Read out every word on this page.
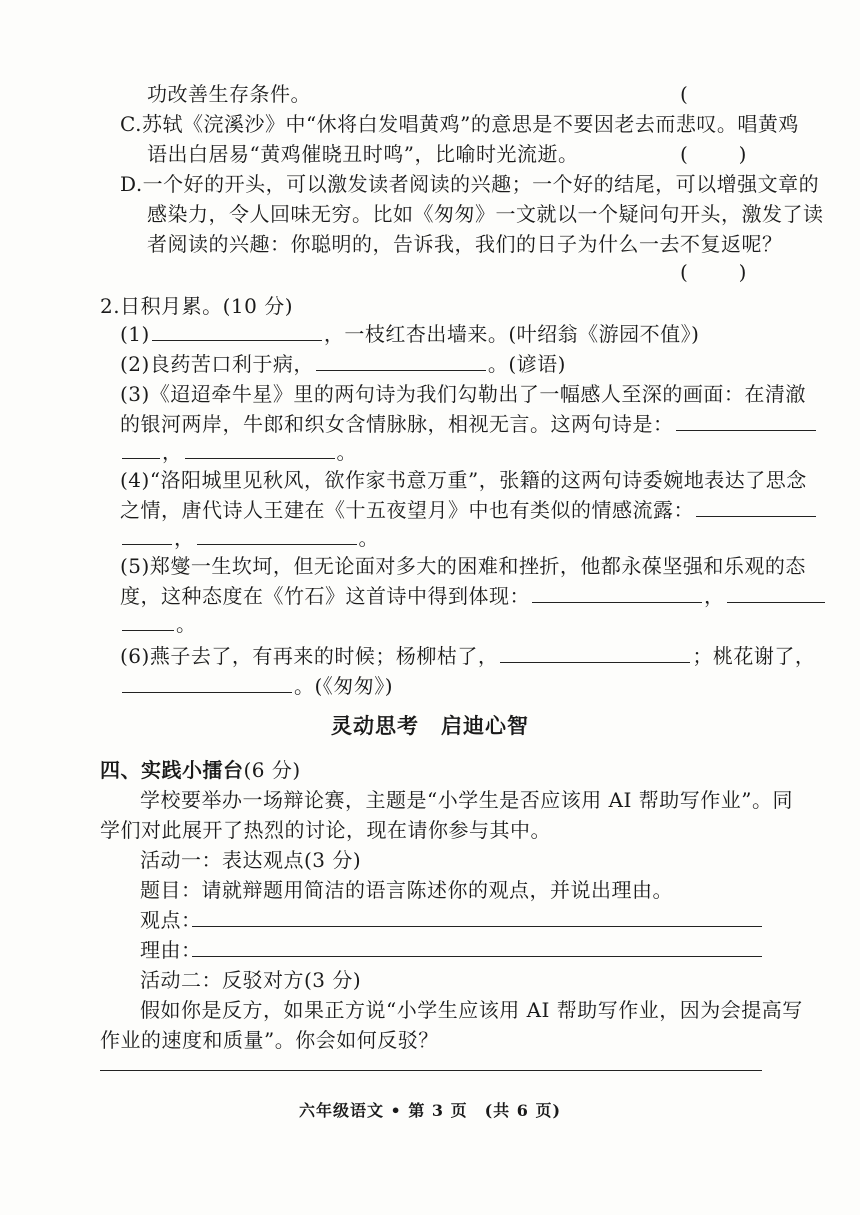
功改善生存条件。	(
C.苏轼《浣溪沙》中“休将白发唱黄鸡”的意思是不要因老去而悲叹。唱黄鸡
语出白居易“黄鸡催晓丑时鸣”，比喻时光流逝。	(        )
D.一个好的开头，可以激发读者阅读的兴趣；一个好的结尾，可以增强文章的
感染力，令人回味无穷。比如《匆匆》一文就以一个疑问句开头，激发了读
者阅读的兴趣：你聪明的，告诉我，我们的日子为什么一去不复返呢？
(        )
2.日积月累。(10 分)
(1)	，一枝红杏出墙来。(叶绍翁《游园不值》)
(2)良药苦口利于病，	。(谚语)
(3)《迢迢牵牛星》里的两句诗为我们勾勒出了一幅感人至深的画面：在清澈
的银河两岸，牛郎和织女含情脉脉，相视无言。这两句诗是：
，	。
(4)“洛阳城里见秋风，欲作家书意万重”，张籍的这两句诗委婉地表达了思念
之情，唐代诗人王建在《十五夜望月》中也有类似的情感流露：
，	。
(5)郑燮一生坎坷，但无论面对多大的困难和挫折，他都永葆坚强和乐观的态
度，这种态度在《竹石》这首诗中得到体现：	，
。
(6)燕子去了，有再来的时候；杨柳枯了，	；桃花谢了，
。(《匆匆》)
灵动思考　启迪心智
四、实践小擂台(6 分)
学校要举办一场辩论赛，主题是“小学生是否应该用 AI 帮助写作业”。同
学们对此展开了热烈的讨论，现在请你参与其中。
活动一：表达观点(3 分)
题目：请就辩题用简洁的语言陈述你的观点，并说出理由。
观点：
理由：
活动二：反驳对方(3 分)
假如你是反方，如果正方说“小学生应该用 AI 帮助写作业，因为会提高写
作业的速度和质量”。你会如何反驳？
六年级语文 • 第 3 页　(共 6 页)
